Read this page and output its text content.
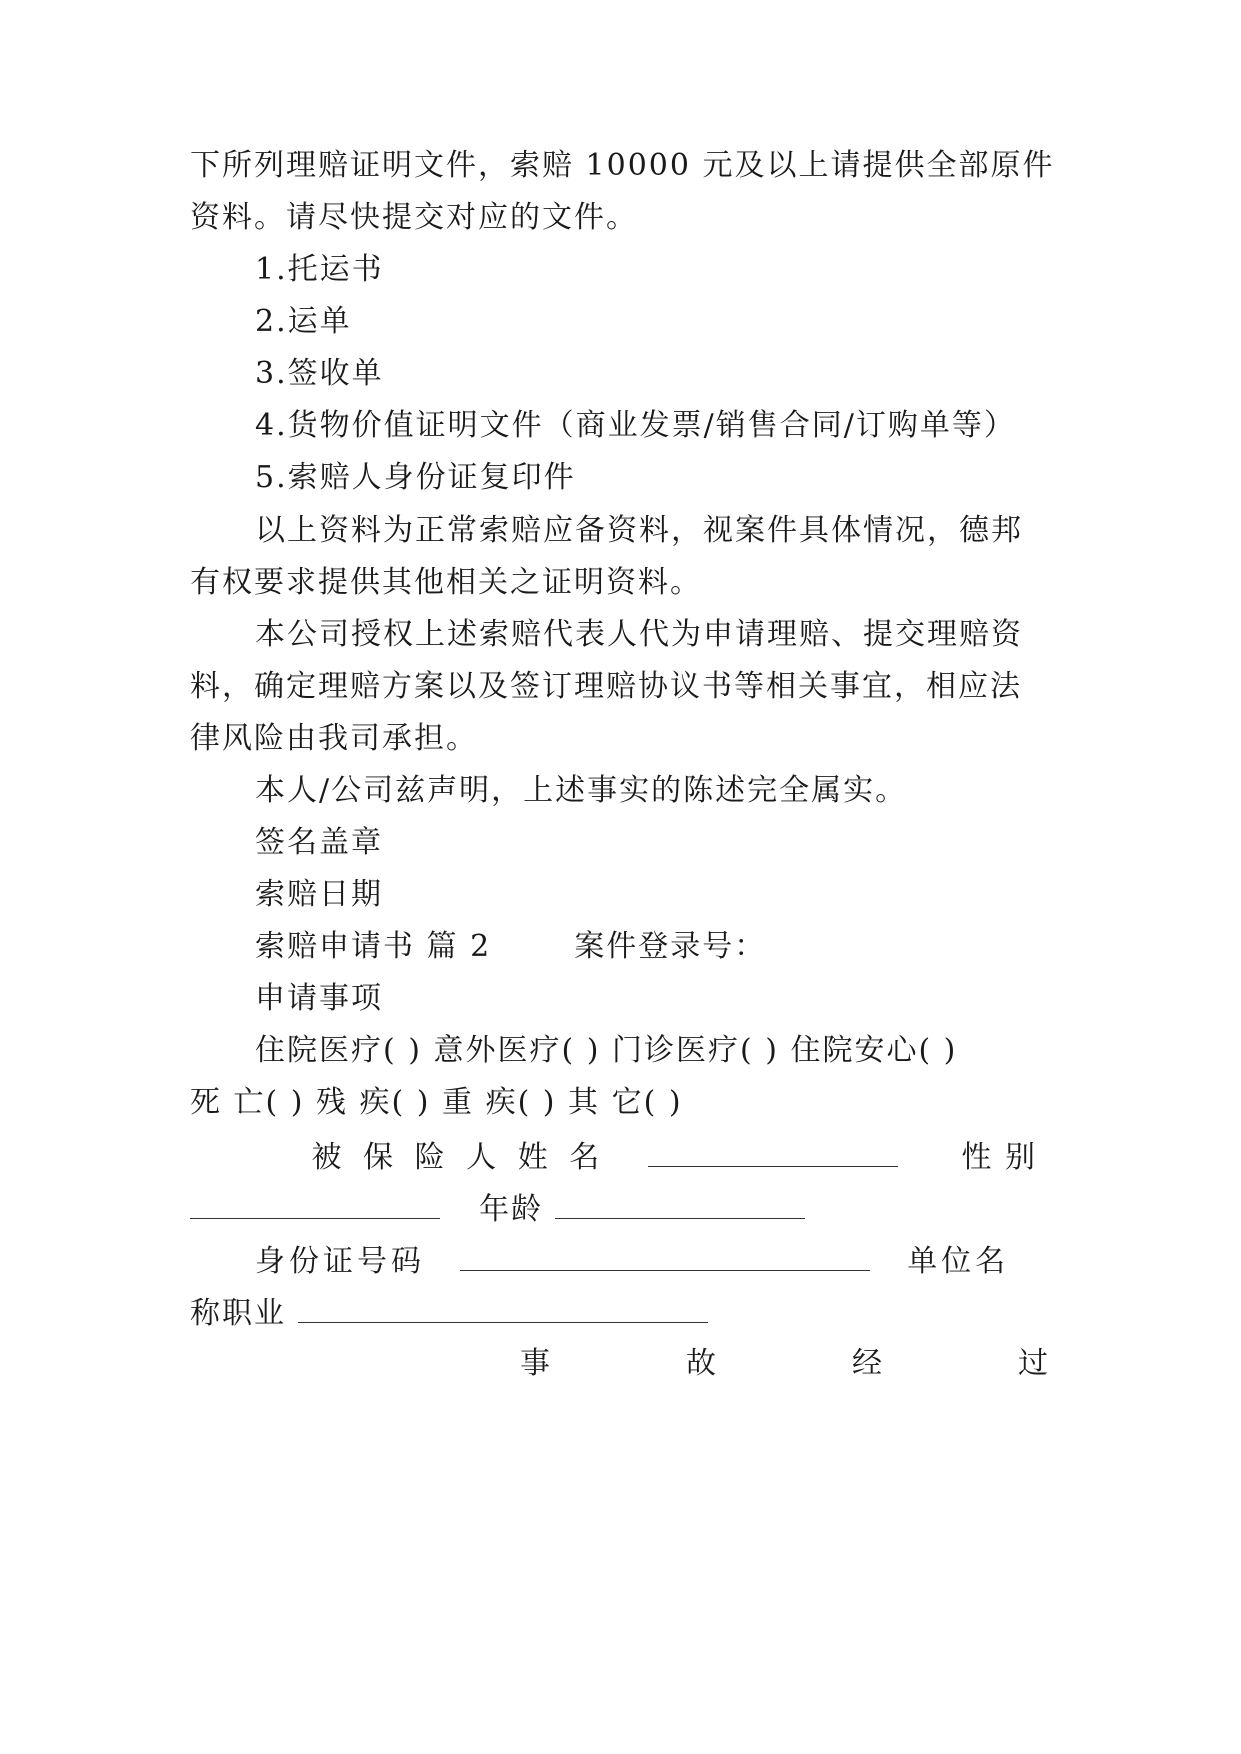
下所列理赔证明文件，索赔 10000 元及以上请提供全部原件
资料。请尽快提交对应的文件。
1.托运书
2.运单
3.签收单
4.货物价值证明文件（商业发票/销售合同/订购单等）
5.索赔人身份证复印件
以上资料为正常索赔应备资料，视案件具体情况，德邦
有权要求提供其他相关之证明资料。
本公司授权上述索赔代表人代为申请理赔、提交理赔资
料，确定理赔方案以及签订理赔协议书等相关事宜，相应法
律风险由我司承担。
本人/公司兹声明，上述事实的陈述完全属实。
签名盖章
索赔日期
索赔申请书 篇 2	案件登录号：
申请事项
住院医疗( ) 意外医疗( ) 门诊医疗( ) 住院安心( )
死 亡( ) 残 疾( ) 重 疾( ) 其 它( )
被 保 险 人 姓 名	性 别
年龄
身份证号码	单位名
称职业
事	故	经	过
